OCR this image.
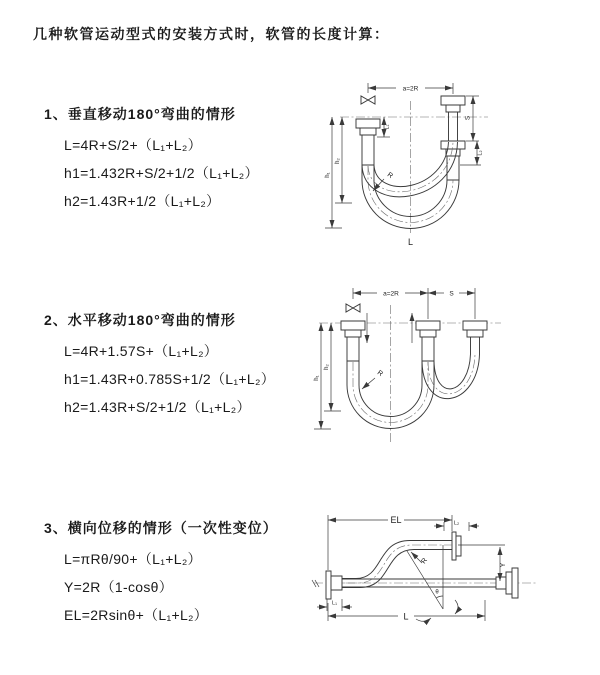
几种软管运动型式的安装方式时，软管的长度计算：
1、垂直移动180°弯曲的情形
L=4R+S/2+（L₁+L₂）
h1=1.432R+S/2+1/2（L₁+L₂）
h2=1.43R+1/2（L₁+L₂）
2、水平移动180°弯曲的情形
L=4R+1.57S+（L₁+L₂）
h1=1.43R+0.785S+1/2（L₁+L₂）
h2=1.43R+S/2+1/2（L₁+L₂）
3、横向位移的情形（一次性变位）
L=πRθ/90+（L₁+L₂）
Y=2R（1-cosθ）
EL=2Rsinθ+（L₁+L₂）
a=2R
S
L₂
L₁
h₁
h₂
R
L
a=2R	S
h₁
h₂
R
EL	L₂
L₁
L
Y
θ
R
